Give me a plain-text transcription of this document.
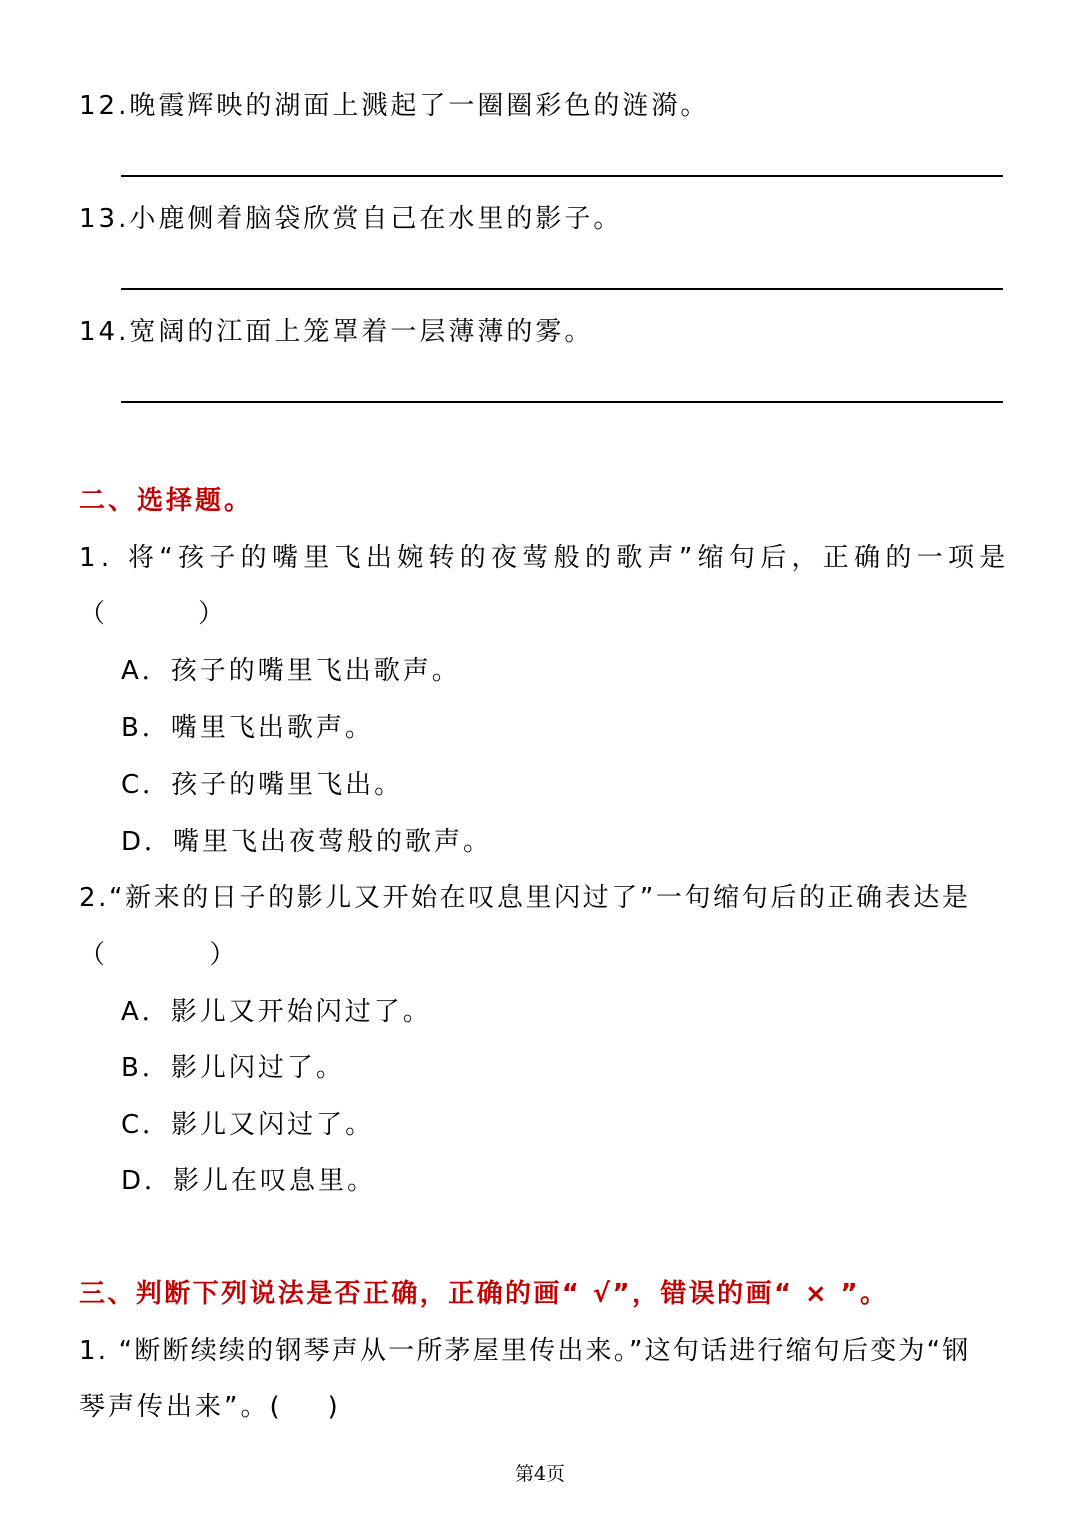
12.晚霞辉映的湖面上溅起了一圈圈彩色的涟漪。
13.小鹿侧着脑袋欣赏自己在水里的影子。
14.宽阔的江面上笼罩着一层薄薄的雾。
二、选择题。
1. 将“孩子的嘴里飞出婉转的夜莺般的歌声”缩句后，正确的一项是
（        ）
A．孩子的嘴里飞出歌声。
B．嘴里飞出歌声。
C．孩子的嘴里飞出。
D．嘴里飞出夜莺般的歌声。
2.“新来的日子的影儿又开始在叹息里闪过了”一句缩句后的正确表达是
（         ）
A．影儿又开始闪过了。
B．影儿闪过了。
C．影儿又闪过了。
D．影儿在叹息里。
三、判断下列说法是否正确，正确的画“ √”，错误的画“ × ”。
1. “断断续续的钢琴声从一所茅屋里传出来。”这句话进行缩句后变为“钢
琴声传出来”。(    )
第4页
